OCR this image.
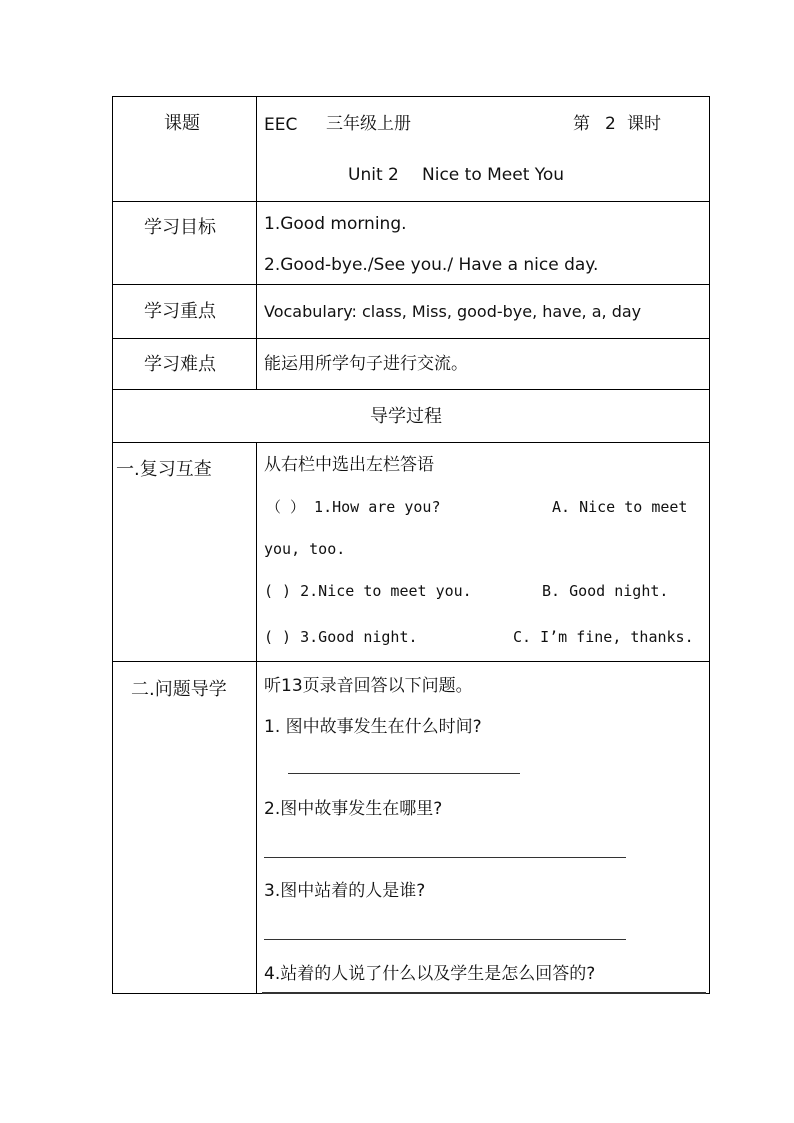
课题	EEC 三年级上册	第 2 课时
Unit 2 Nice to Meet You
学习目标	1.Good morning.
2.Good-bye./See you./ Have a nice day.
学习重点	Vocabulary: class, Miss, good-bye, have, a, day
学习难点	能运用所学句子进行交流。
导学过程
一.复习互查	从右栏中选出左栏答语
（ ） 1.How are you?	A. Nice to meet
you, too.
( ) 2.Nice to meet you.	B. Good night.
( ) 3.Good night.	C. I’m fine, thanks.
二.问题导学 听13页录音回答以下问题。
1. 图中故事发生在什么时间?
2.图中故事发生在哪里?
3.图中站着的人是谁?
4.站着的人说了什么以及学生是怎么回答的?
